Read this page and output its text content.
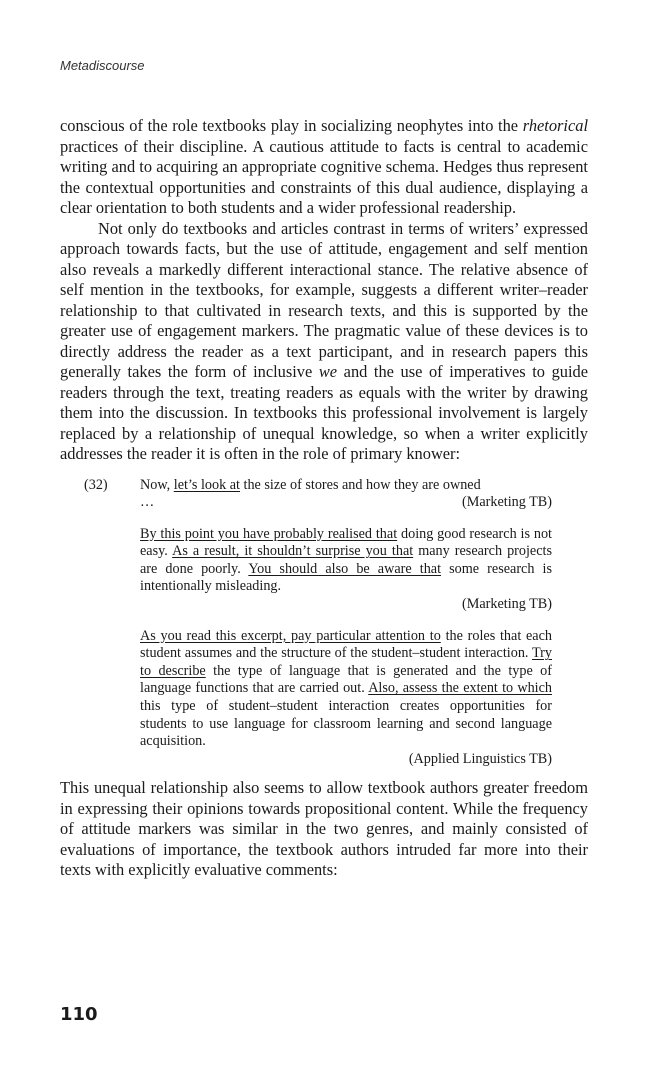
Metadiscourse

conscious of the role textbooks play in socializing neophytes into the rhetorical practices of their discipline. A cautious attitude to facts is central to academic writing and to acquiring an appropriate cognitive schema. Hedges thus represent the contextual opportunities and constraints of this dual audience, displaying a clear orientation to both students and a wider professional readership.

Not only do textbooks and articles contrast in terms of writers’ expressed approach towards facts, but the use of attitude, engagement and self mention also reveals a markedly different interactional stance. The relative absence of self mention in the textbooks, for example, suggests a different writer–reader relationship to that cultivated in research texts, and this is supported by the greater use of engagement markers. The pragmatic value of these devices is to directly address the reader as a text participant, and in research papers this generally takes the form of inclusive we and the use of imperatives to guide readers through the text, treating readers as equals with the writer by drawing them into the discussion. In textbooks this professional involvement is largely replaced by a relationship of unequal knowledge, so when a writer explicitly addresses the reader it is often in the role of primary knower:

(32) Now, let’s look at the size of stores and how they are owned
…	(Marketing TB)
By this point you have probably realised that doing good research is not easy. As a result, it shouldn’t surprise you that many research projects are done poorly. You should also be aware that some research is intentionally misleading.
(Marketing TB)
As you read this excerpt, pay particular attention to the roles that each student assumes and the structure of the student–student interaction. Try to describe the type of language that is generated and the type of language functions that are carried out. Also, assess the extent to which this type of student–student interaction creates opportunities for students to use language for classroom learning and second language acquisition.
(Applied Linguistics TB)

This unequal relationship also seems to allow textbook authors greater freedom in expressing their opinions towards propositional content. While the frequency of attitude markers was similar in the two genres, and mainly consisted of evaluations of importance, the textbook authors intruded far more into their texts with explicitly evaluative comments:

110
